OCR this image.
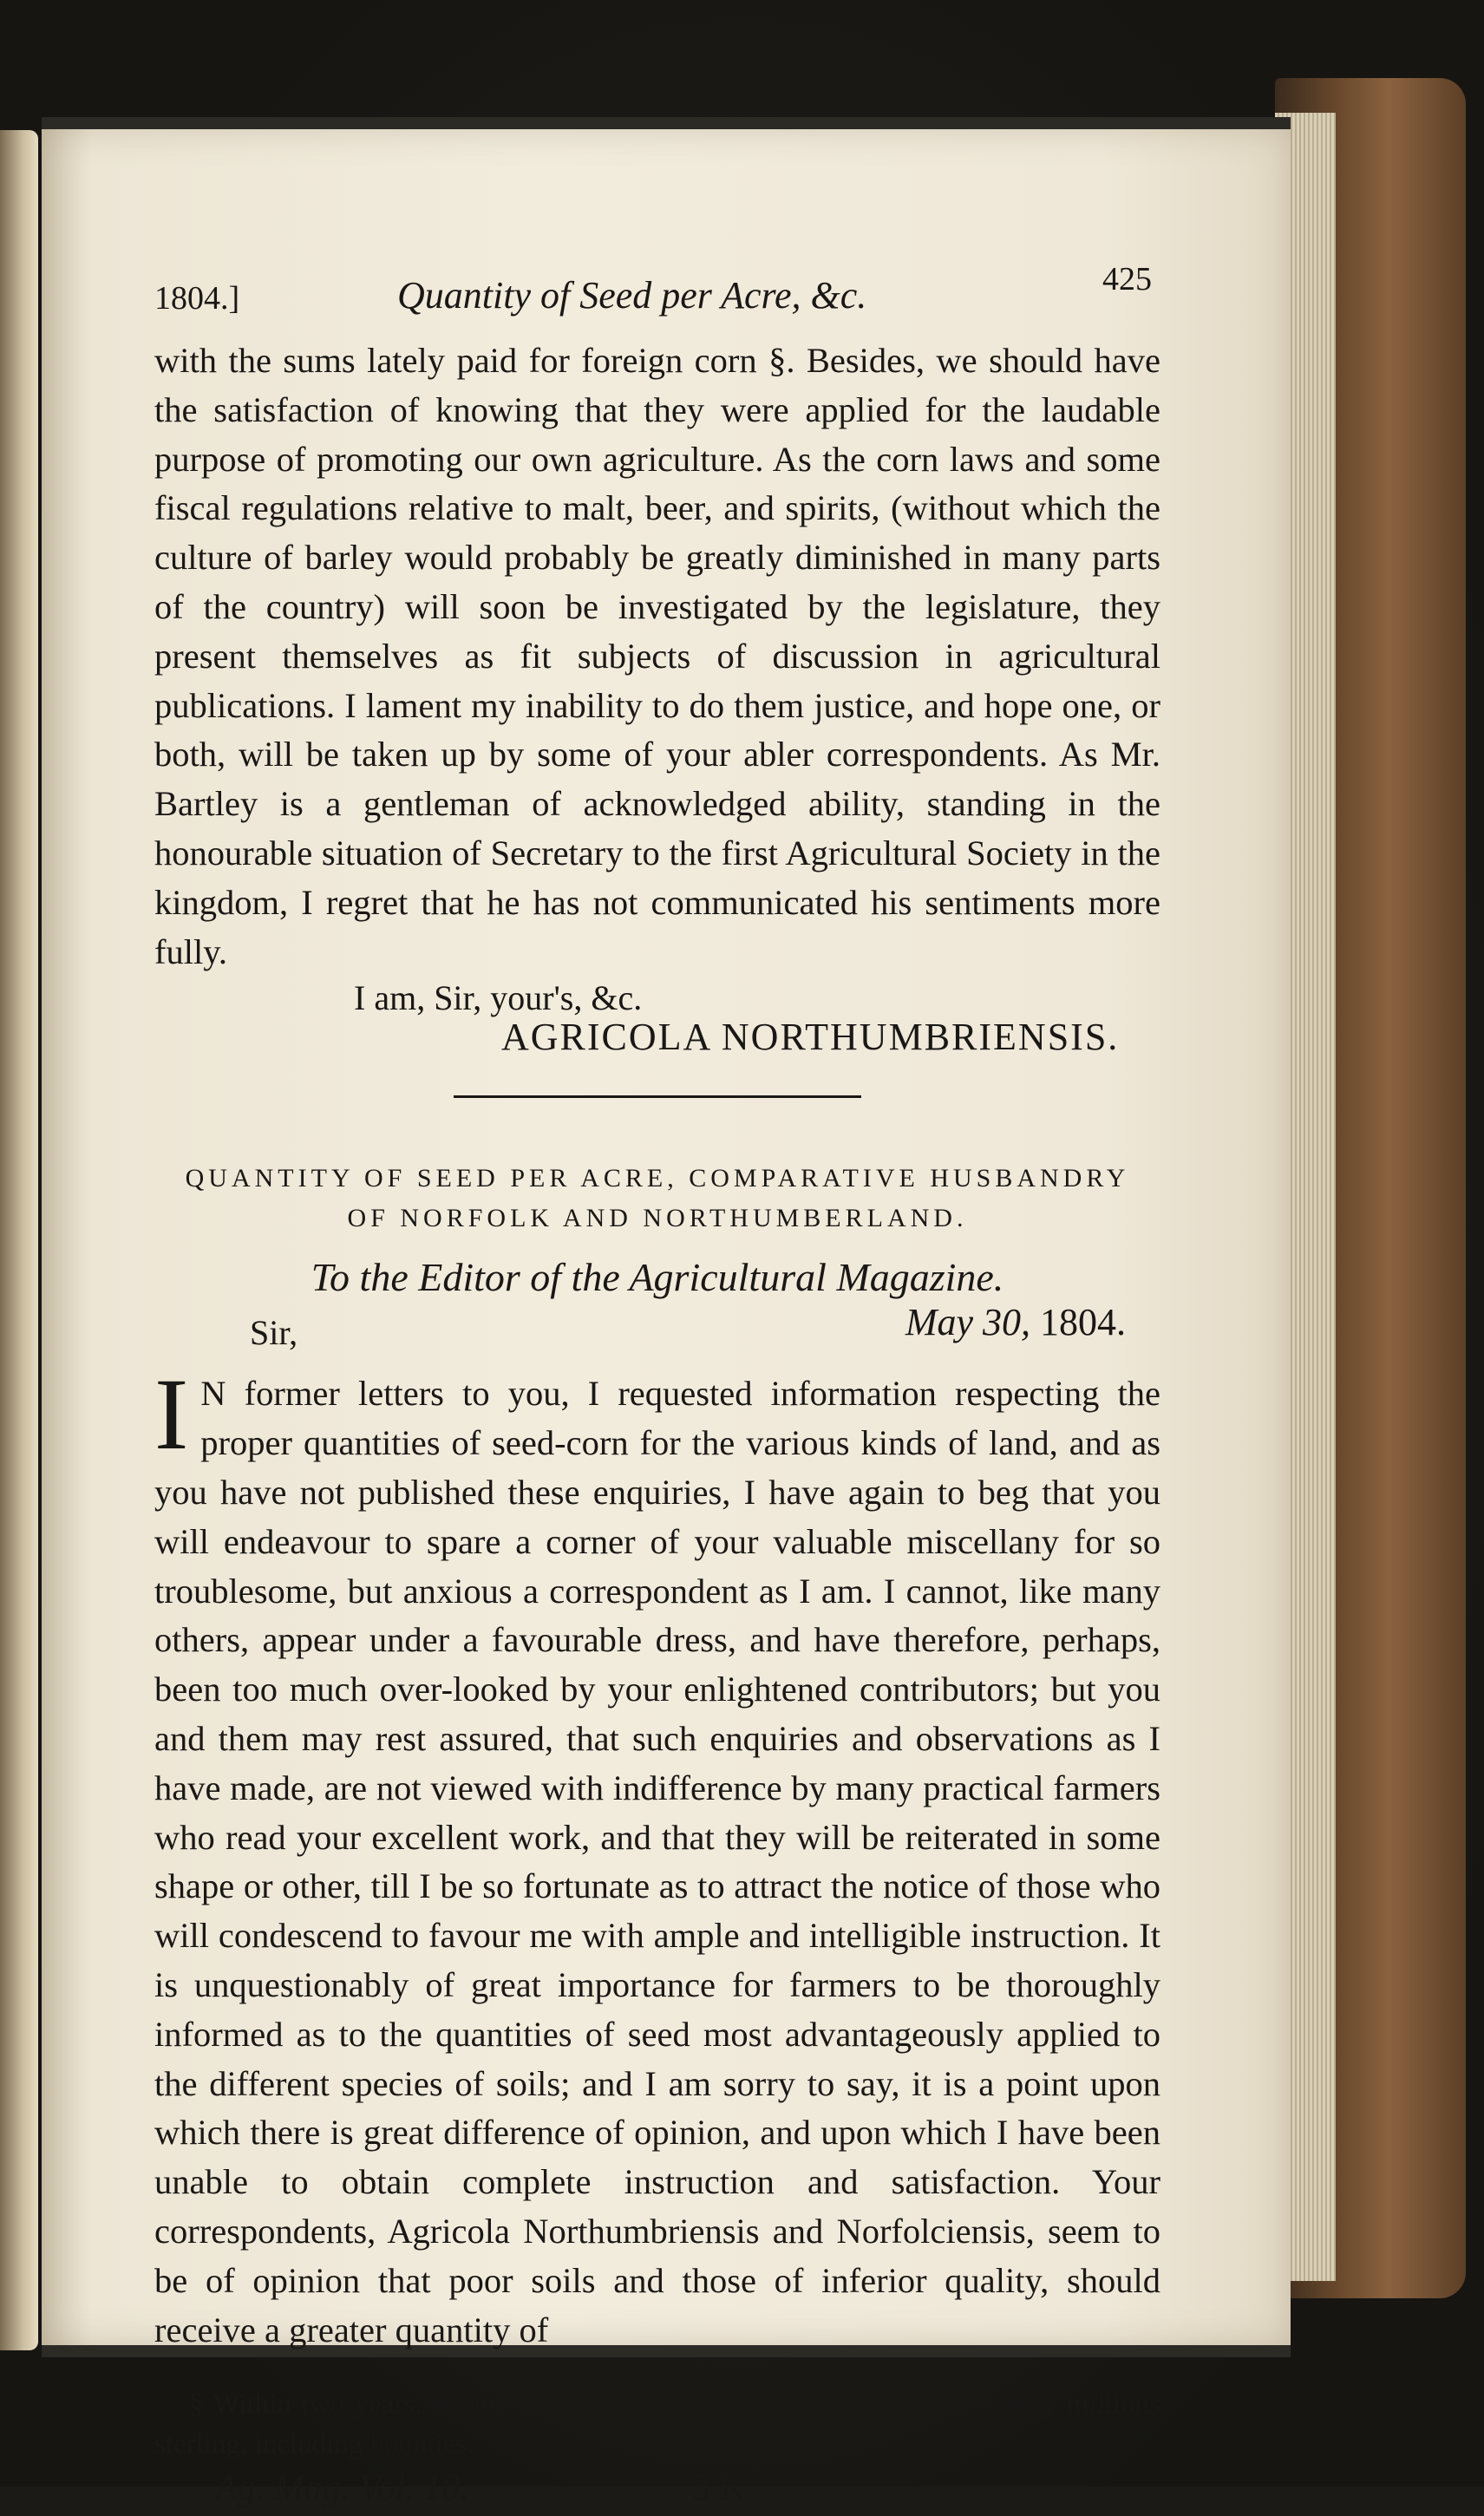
1804.]	Quantity of Seed per Acre, &c.	425

with the sums lately paid for foreign corn §. Besides, we should have the satisfaction of knowing that they were applied for the laudable purpose of promoting our own agriculture. As the corn laws and some fiscal regulations relative to malt, beer, and spirits, (without which the culture of barley would probably be greatly diminished in many parts of the country) will soon be investigated by the legislature, they present themselves as fit subjects of discussion in agricultural publications. I lament my inability to do them justice, and hope one, or both, will be taken up by some of your abler correspondents. As Mr. Bartley is a gentleman of acknowledged ability, standing in the honourable situation of Secretary to the first Agricultural Society in the kingdom, I regret that he has not communicated his sentiments more fully.

I am, Sir, your's, &c.

AGRICOLA NORTHUMBRIENSIS.

QUANTITY OF SEED PER ACRE, COMPARATIVE HUSBANDRY
OF NORFOLK AND NORTHUMBERLAND.

To the Editor of the Agricultural Magazine.

Sir,	May 30, 1804.

I N former letters to you, I requested information respecting the proper quantities of seed-corn for the various kinds of land, and as you have not published these enquiries, I have again to beg that you will endeavour to spare a corner of your valuable miscellany for so troublesome, but anxious a correspondent as I am. I cannot, like many others, appear under a favourable dress, and have therefore, perhaps, been too much over-looked by your enlightened contributors; but you and them may rest assured, that such enquiries and observations as I have made, are not viewed with indifference by many practical farmers who read your excellent work, and that they will be reiterated in some shape or other, till I be so fortunate as to attract the notice of those who will condescend to favour me with ample and intelligible instruction. It is unquestionably of great importance for farmers to be thoroughly informed as to the quantities of seed most advantageously applied to the different species of soils; and I am sorry to say, it is a point upon which there is great difference of opinion, and upon which I have been unable to obtain complete instruction and satisfaction. Your correspondents, Agricola Northumbriensis and Norfolciensis, seem to be of opinion that poor soils and those of inferior quality, should receive a greater quantity of

§ Within two years, ending in 1801, these sums amounted to near twenty millions sterling, including bounties.

Ag. Mag. Vol. 10.	3 K
